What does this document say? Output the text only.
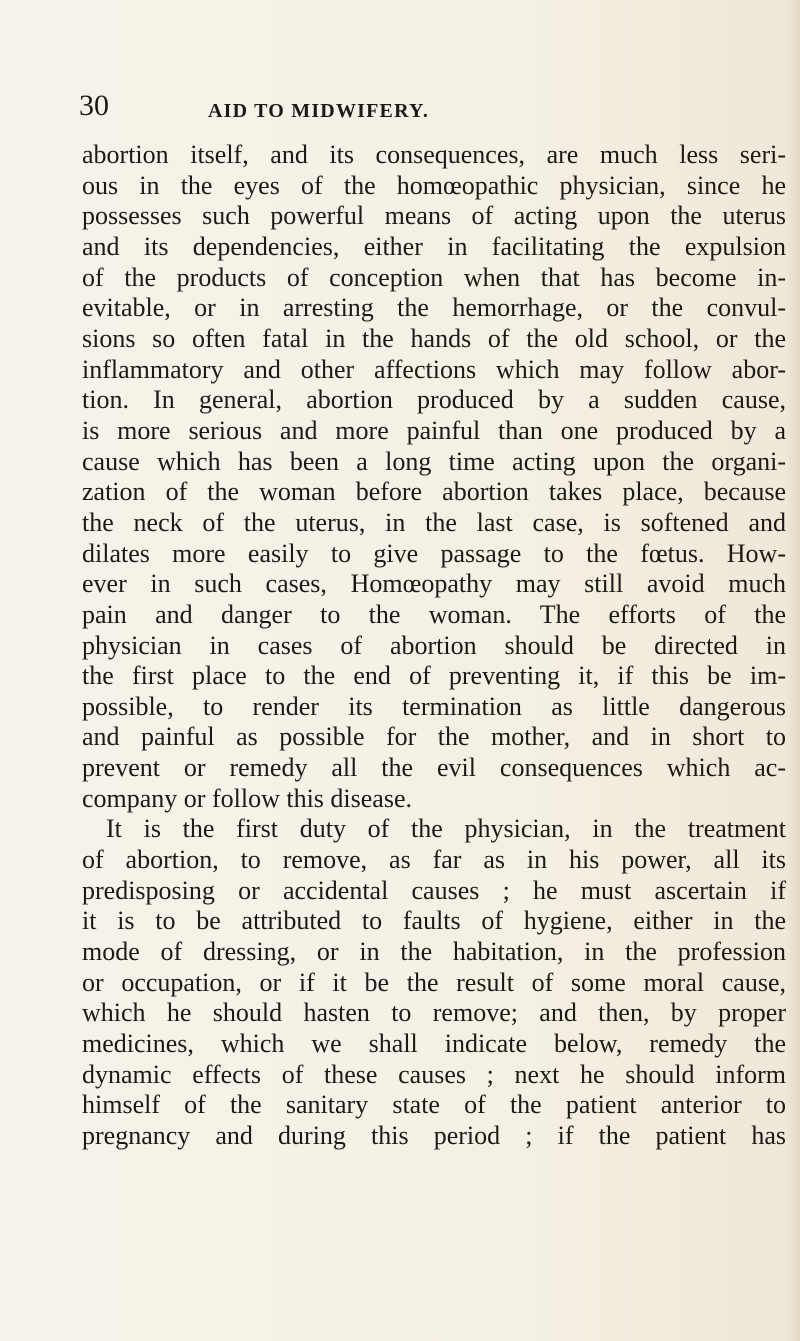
30	AID TO MIDWIFERY.
abortion itself, and its consequences, are much less seri-
ous in the eyes of the homœopathic physician, since he
possesses such powerful means of acting upon the uterus
and its dependencies, either in facilitating the expulsion
of the products of conception when that has become in-
evitable, or in arresting the hemorrhage, or the convul-
sions so often fatal in the hands of the old school, or the
inflammatory and other affections which may follow abor-
tion. In general, abortion produced by a sudden cause,
is more serious and more painful than one produced by a
cause which has been a long time acting upon the organi-
zation of the woman before abortion takes place, because
the neck of the uterus, in the last case, is softened and
dilates more easily to give passage to the fœtus. How-
ever in such cases, Homœopathy may still avoid much
pain and danger to the woman. The efforts of the
physician in cases of abortion should be directed in
the first place to the end of preventing it, if this be im-
possible, to render its termination as little dangerous
and painful as possible for the mother, and in short to
prevent or remedy all the evil consequences which ac-
company or follow this disease.
It is the first duty of the physician, in the treatment
of abortion, to remove, as far as in his power, all its
predisposing or accidental causes ; he must ascertain if
it is to be attributed to faults of hygiene, either in the
mode of dressing, or in the habitation, in the profession
or occupation, or if it be the result of some moral cause,
which he should hasten to remove; and then, by proper
medicines, which we shall indicate below, remedy the
dynamic effects of these causes ; next he should inform
himself of the sanitary state of the patient anterior to
pregnancy and during this period ; if the patient has
